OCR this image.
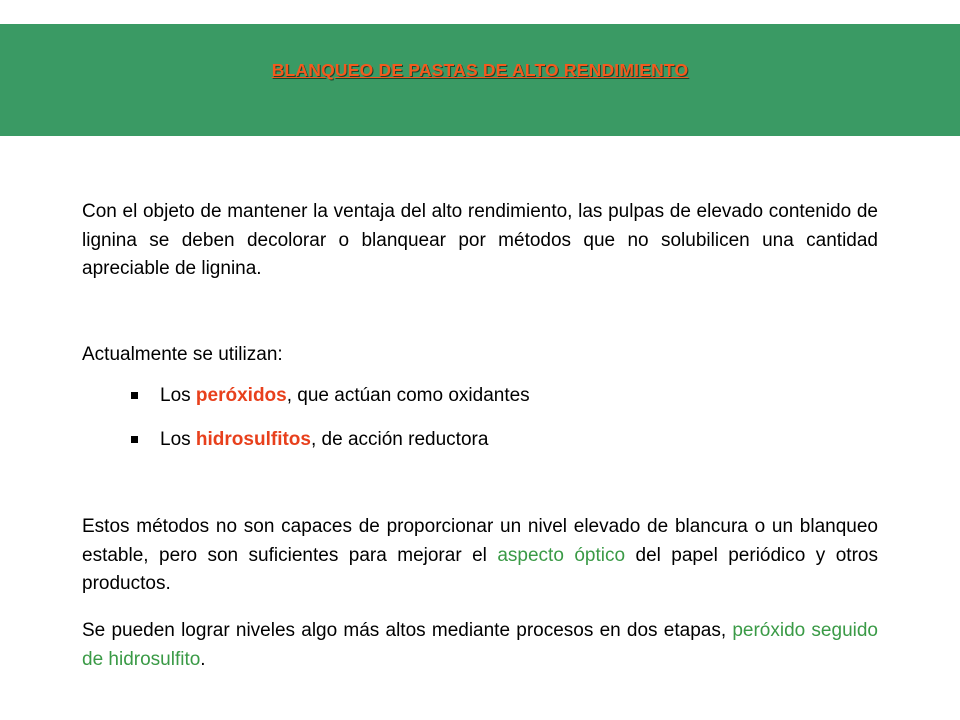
BLANQUEO DE PASTAS DE ALTO RENDIMIENTO

Con el objeto de mantener la ventaja del alto rendimiento, las pulpas de elevado contenido de lignina se deben decolorar o blanquear por métodos que no solubilicen una cantidad apreciable de lignina.

Actualmente se utilizan:

Los peróxidos, que actúan como oxidantes
Los hidrosulfitos, de acción reductora

Estos métodos no son capaces de proporcionar un nivel elevado de blancura o un blanqueo estable, pero son suficientes para mejorar el aspecto óptico del papel periódico y otros productos.

Se pueden lograr niveles algo más altos mediante procesos en dos etapas, peróxido seguido de hidrosulfito.
